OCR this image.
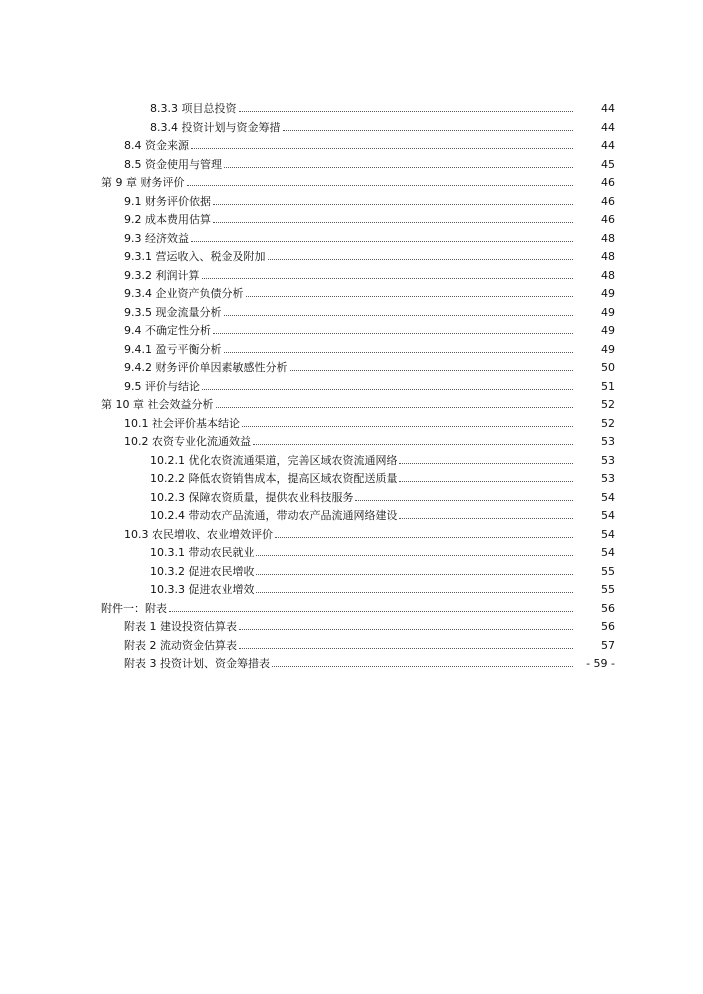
8.3.3 项目总投资	44
8.3.4 投资计划与资金筹措	44
8.4 资金来源	44
8.5 资金使用与管理	45
第 9 章 财务评价	46
9.1 财务评价依据	46
9.2 成本费用估算	46
9.3 经济效益	48
9.3.1 营运收入、税金及附加	48
9.3.2 利润计算	48
9.3.4 企业资产负债分析	49
9.3.5 现金流量分析	49
9.4 不确定性分析	49
9.4.1 盈亏平衡分析	49
9.4.2 财务评价单因素敏感性分析	50
9.5 评价与结论	51
第 10 章 社会效益分析	52
10.1 社会评价基本结论	52
10.2 农资专业化流通效益	53
10.2.1 优化农资流通渠道，完善区域农资流通网络	53
10.2.2 降低农资销售成本，提高区域农资配送质量	53
10.2.3 保障农资质量，提供农业科技服务	54
10.2.4 带动农产品流通，带动农产品流通网络建设	54
10.3 农民增收、农业增效评价	54
10.3.1 带动农民就业	54
10.3.2 促进农民增收	55
10.3.3 促进农业增效	55
附件一：附表	56
附表 1 建设投资估算表	56
附表 2 流动资金估算表	57
附表 3 投资计划、资金筹措表	- 59 -
